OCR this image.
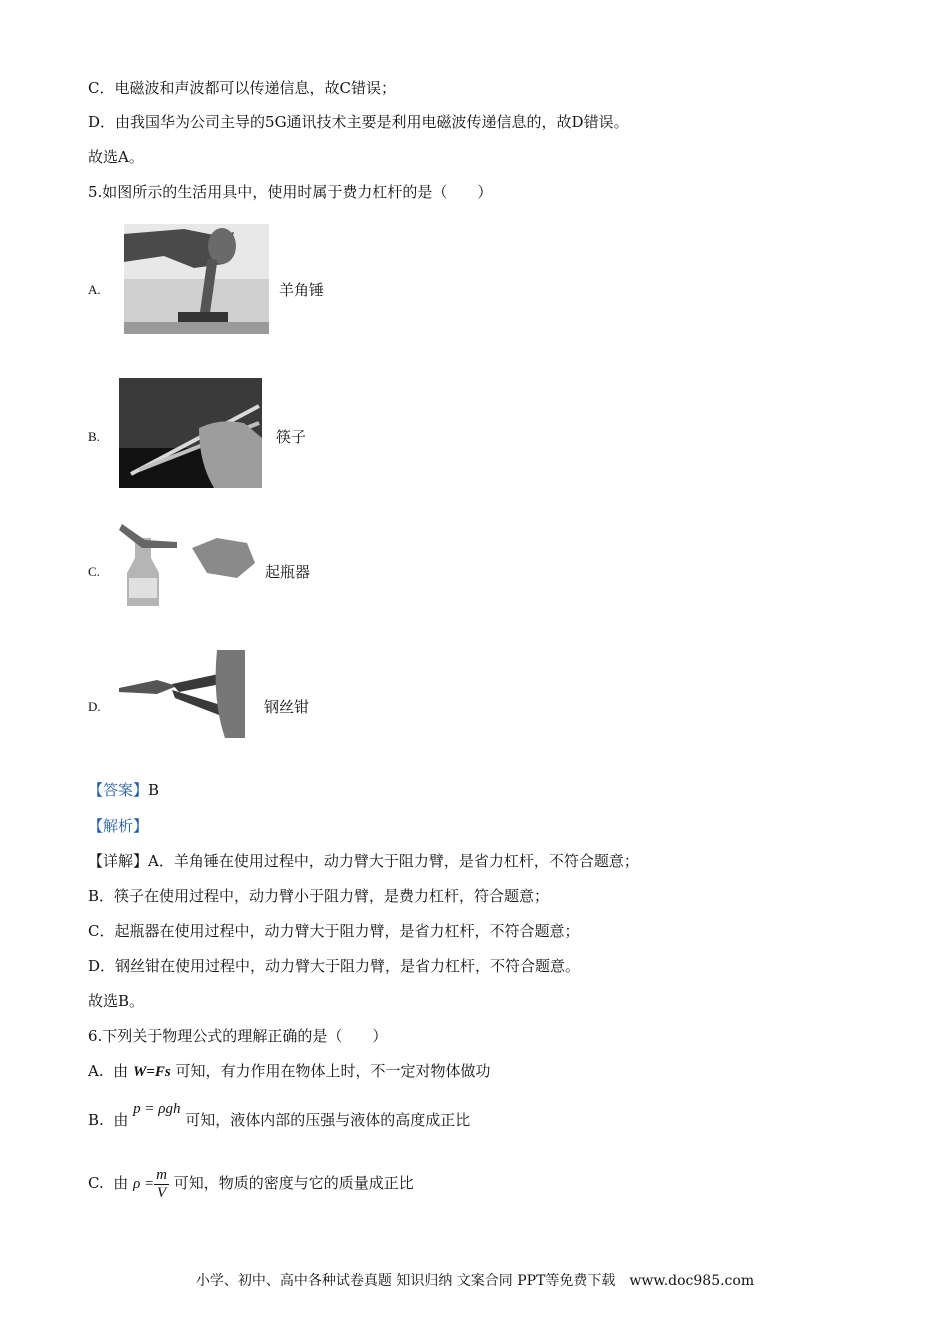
C．电磁波和声波都可以传递信息，故C错误；
D．由我国华为公司主导的5G通讯技术主要是利用电磁波传递信息的，故D错误。
故选A。
5.如图所示的生活用具中，使用时属于费力杠杆的是（　　）
A.	羊角锤
B.	筷子
C.	起瓶器
D.	钢丝钳
【答案】B
【解析】
【详解】A．羊角锤在使用过程中，动力臂大于阻力臂，是省力杠杆，不符合题意；
B．筷子在使用过程中，动力臂小于阻力臂，是费力杠杆，符合题意；
C．起瓶器在使用过程中，动力臂大于阻力臂，是省力杠杆，不符合题意；
D．钢丝钳在使用过程中，动力臂大于阻力臂，是省力杠杆，不符合题意。
故选B。
6.下列关于物理公式的理解正确的是（　　）
A. 由 W=Fs 可知，有力作用在物体上时，不一定对物体做功
B. 由 p = ρgh 可知，液体内部的压强与液体的高度成正比
C. 由 $\rho = \frac{m}{V}$ 可知，物质的密度与它的质量成正比
小学、初中、高中各种试卷真题 知识归纳 文案合同 PPT等免费下载　www.doc985.com
